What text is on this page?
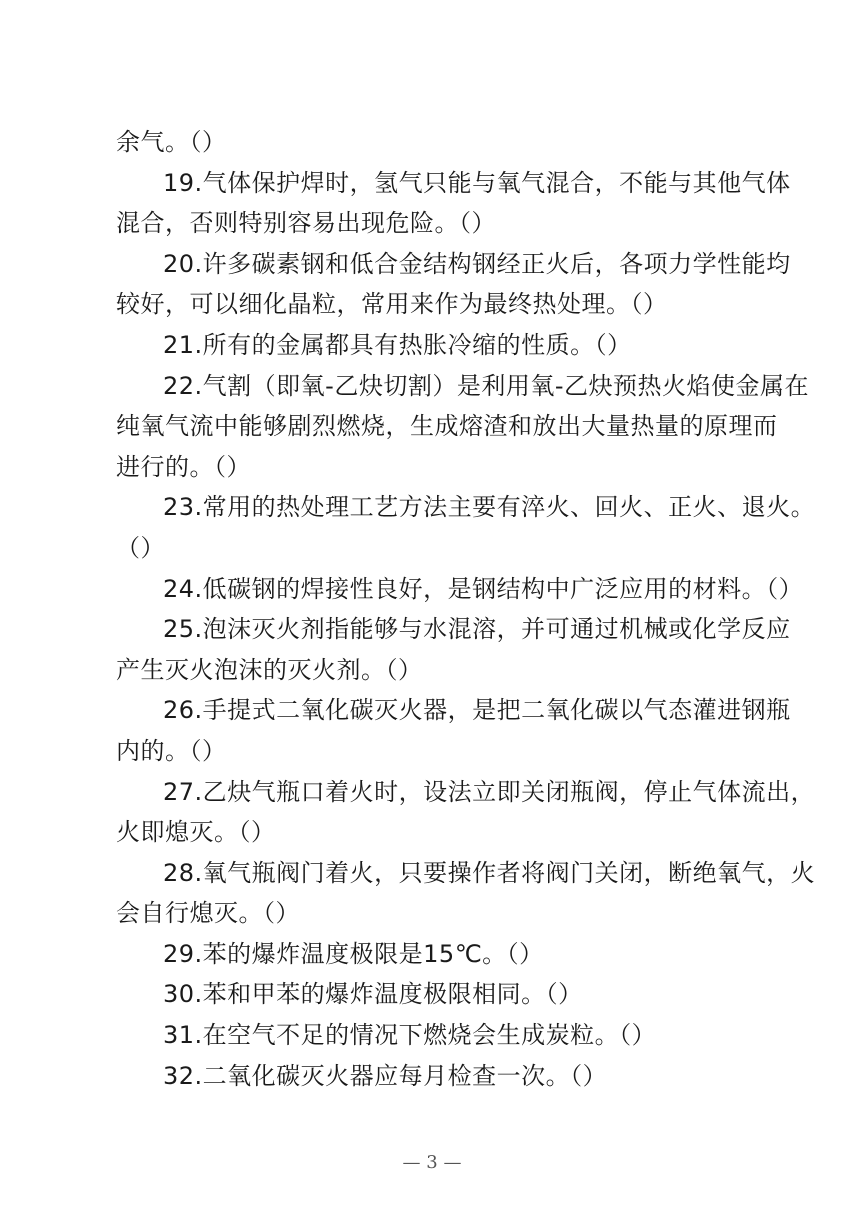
余气。（）
19.气体保护焊时，氢气只能与氧气混合，不能与其他气体
混合，否则特别容易出现危险。（）
20.许多碳素钢和低合金结构钢经正火后，各项力学性能均
较好，可以细化晶粒，常用来作为最终热处理。（）
21.所有的金属都具有热胀冷缩的性质。（）
22.气割（即氧-乙炔切割）是利用氧-乙炔预热火焰使金属在
纯氧气流中能够剧烈燃烧，生成熔渣和放出大量热量的原理而
进行的。（）
23.常用的热处理工艺方法主要有淬火、回火、正火、退火。
（）
24.低碳钢的焊接性良好，是钢结构中广泛应用的材料。（）
25.泡沫灭火剂指能够与水混溶，并可通过机械或化学反应
产生灭火泡沫的灭火剂。（）
26.手提式二氧化碳灭火器，是把二氧化碳以气态灌进钢瓶
内的。（）
27.乙炔气瓶口着火时，设法立即关闭瓶阀，停止气体流出，
火即熄灭。（）
28.氧气瓶阀门着火，只要操作者将阀门关闭，断绝氧气，火
会自行熄灭。（）
29.苯的爆炸温度极限是15℃。（）
30.苯和甲苯的爆炸温度极限相同。（）
31.在空气不足的情况下燃烧会生成炭粒。（）
32.二氧化碳灭火器应每月检查一次。（）
— 3 —
